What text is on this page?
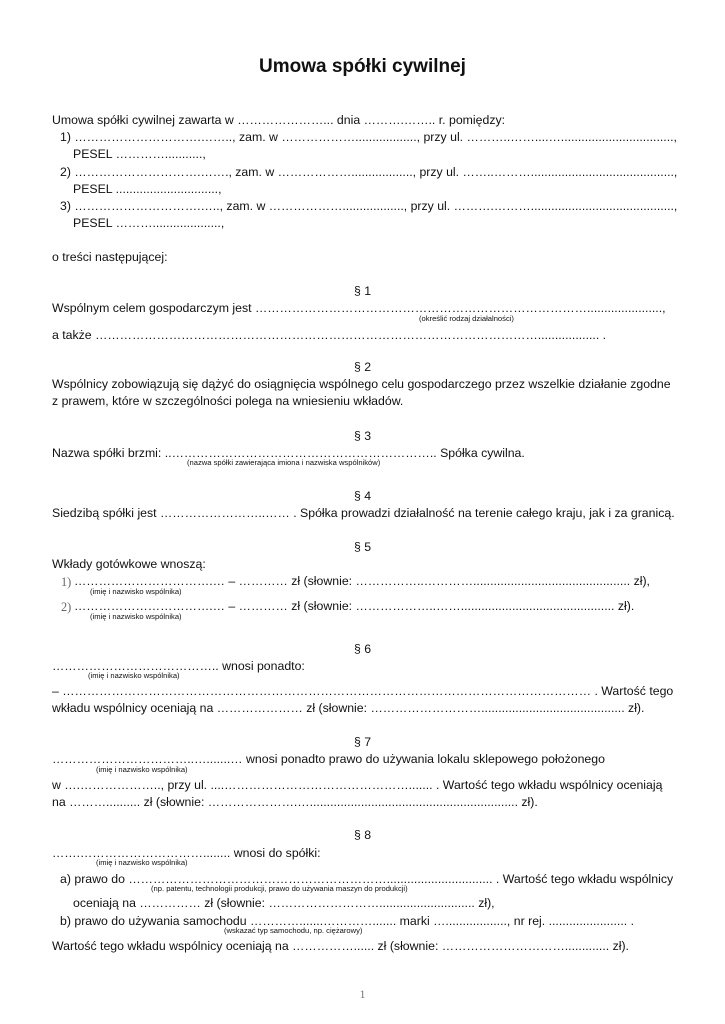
Umowa spółki cywilnej
Umowa spółki cywilnej zawarta w …………………... dnia ……….…….. r. pomiędzy:
1) ………………………….…….., zam. w ……………….................., przy ul. ………..……....….................................,
PESEL …………...........,
2) ………………………….……., zam. w ……………….................., przy ul. ……..………..........................................,
PESEL ..............................,
3) ………………………….….., zam. w ……………….................., przy ul. ……….………..........................................,
PESEL ………....................,
o treści następującej:
§ 1
Wspólnym celem gospodarczym jest ………………………………………………………………………......................,
(określić rodzaj działalności)
a także ……………………………………………………………………………………………….................. .
§ 2
Wspólnicy zobowiązują się dążyć do osiągnięcia wspólnego celu gospodarczego przez wszelkie działanie zgodne
z prawem, które w szczególności polega na wniesieniu wkładów.
§ 3
Nazwa spółki brzmi: ..……………………………………………………….. Spółka cywilna.
(nazwa spółki zawierająca imiona i nazwiska wspólników)
§ 4
Siedzibą spółki jest ……………………..…… . Spółka prowadzi działalność na terenie całego kraju, jak i za granicą.
§ 5
Wkłady gotówkowe wnoszą:
1) …………………………….… – ………… zł (słownie: ……………..………….............................................. zł),
(imię i nazwisko wspólnika)
2) …………………………….… – ………… zł (słownie: ………………..……............................................. zł).
(imię i nazwisko wspólnika)
§ 6
………………………………….. wnosi ponadto:
(imię i nazwisko wspólnika)
– ………………………………………………………………………………………………………………… . Wartość tego
wkładu wspólnicy oceniają na ………………… zł (słownie: ……………………….......................................... zł).
§ 7
……………………………..….......… wnosi ponadto prawo do używania lokalu sklepowego położonego
(imię i nazwisko wspólnika)
w ….……………….., przy ul. ....………………………………………....... . Wartość tego wkładu wspólnicy oceniają
na ……….......... zł (słownie: ………………….…............................................................. zł).
§ 8
…….…………………………........ wnosi do spółki:
(imię i nazwisko wspólnika)
a) prawo do ………………………………………………………............................... . Wartość tego wkładu wspólnicy
(np. patentu, technologii produkcji, prawo do używania maszyn do produkcji)
oceniają na …………… zł (słownie: ………………………............................ zł),
b) prawo do używania samochodu ………….......…………....... marki ….................., nr rej. ....................... .
(wskazać typ samochodu, np. ciężarowy)
Wartość tego wkładu wspólnicy oceniają na ……………...... zł (słownie: …………………………............. zł).
1
